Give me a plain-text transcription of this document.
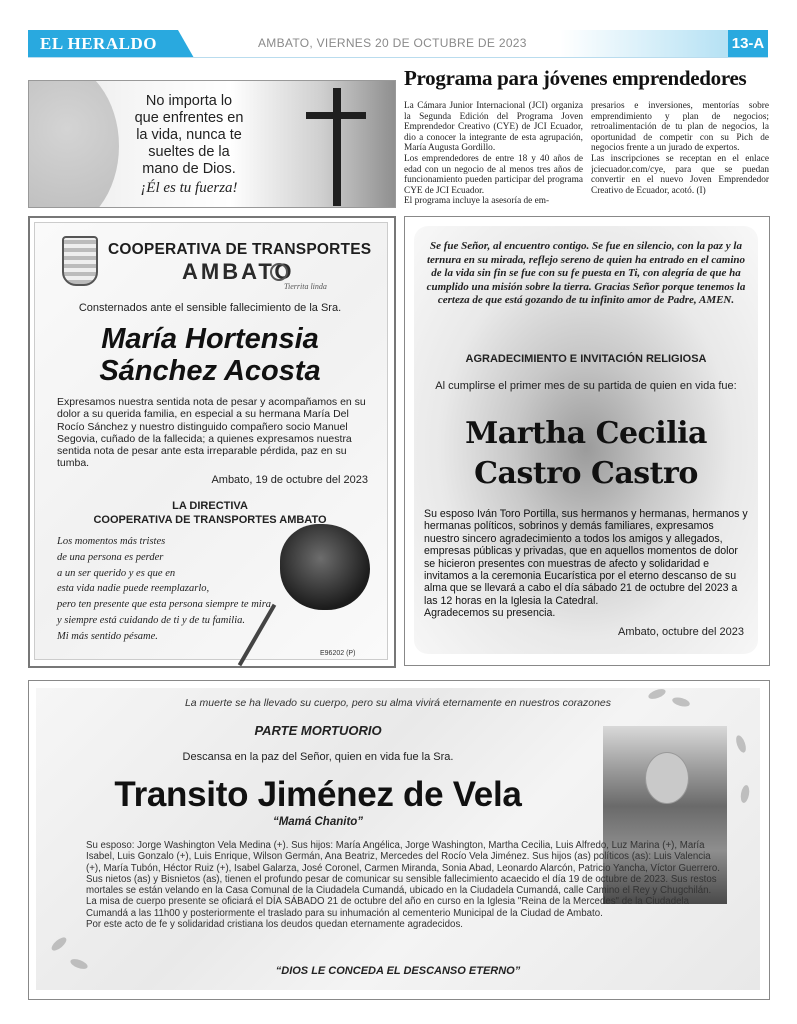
EL HERALDO	AMBATO, VIERNES 20 DE OCTUBRE DE 2023	13-A
No importa lo
que enfrentes en
la vida, nunca te
sueltes de la
mano de Dios.
¡Él es tu fuerza!
Programa para jóvenes emprendedores

La Cámara Junior Internacional (JCI) organiza la Segunda Edición del Programa Joven Emprendedor Creativo (CYE) de JCI Ecuador, dio a conocer la integrante de esta agrupación, María Augusta Gordillo.

Los emprendedores de entre 18 y 40 años de edad con un negocio de al menos tres años de funcionamiento pueden participar del programa CYE de JCI Ecuador.

El programa incluye la asesoría de em-

presarios e inversiones, mentorías sobre emprendimiento y plan de negocios; retroalimentación de tu plan de negocios, la oportunidad de competir con su Pich de negocios frente a un jurado de expertos.

Las inscripciones se receptan en el enlace jciecuador.com/cye, para que se puedan convertir en el nuevo Joven Emprendedor Creativo de Ecuador, acotó. (I)

COOPERATIVA DE TRANSPORTES
AMBATO
Tierrita linda
Consternados ante el sensible fallecimiento de la Sra.
María Hortensia
Sánchez Acosta
Expresamos nuestra sentida nota de pesar y acompañamos en su dolor a su querida familia, en especial a su hermana María Del Rocío Sánchez y nuestro distinguido compañero socio Manuel Segovia, cuñado de la fallecida; a quienes expresamos nuestra sentida nota de pesar ante esta irreparable pérdida, paz en su tumba.
Ambato, 19 de octubre del 2023
LA DIRECTIVA
COOPERATIVA DE TRANSPORTES AMBATO
Los momentos más tristes
de una persona es perder
a un ser querido y es que en
esta vida nadie puede reemplazarlo,
pero ten presente que esta persona siempre te mira
y siempre está cuidando de ti y de tu familia.
Mi más sentido pésame.
E96202 (P)
Se fue Señor, al encuentro contigo. Se fue en silencio, con la paz y la ternura en su mirada, reflejo sereno de quien ha entrado en el camino de la vida sin fin se fue con su fe puesta en Ti, con alegría de que ha cumplido una misión sobre la tierra. Gracias Señor porque tenemos la certeza de que está gozando de tu infinito amor de Padre, AMEN.
AGRADECIMIENTO E INVITACIÓN RELIGIOSA
Al cumplirse el primer mes de su partida de quien en vida fue:
Martha Cecilia
Castro Castro
Su esposo Iván Toro Portilla, sus hermanos y hermanas, hermanos y hermanas políticos, sobrinos y demás familiares, expresamos nuestro sincero agradecimiento a todos los amigos y allegados, empresas públicas y privadas, que en aquellos momentos de dolor se hicieron presentes con muestras de afecto y solidaridad e invitamos a la ceremonia Eucarística por el eterno descanso de su alma que se llevará a cabo el día sábado 21 de octubre del 2023 a las 12 horas en la Iglesia la Catedral.
Agradecemos su presencia.
Ambato, octubre del 2023
La muerte se ha llevado su cuerpo, pero su alma vivirá eternamente en nuestros corazones
PARTE MORTUORIO
Descansa en la paz del Señor, quien en vida fue la Sra.
Transito Jiménez de Vela
“Mamá Chanito”

Su esposo: Jorge Washington Vela Medina (+). Sus hijos: María Angélica, Jorge Washington, Martha Cecilia, Luis Alfredo, Luz Marina (+), María Isabel, Luis Gonzalo (+), Luis Enrique, Wilson Germán, Ana Beatriz, Mercedes del Rocío Vela Jiménez. Sus hijos (as) políticos (as): Luis Valencia (+), María Tubón, Héctor Ruiz (+), Isabel Galarza, José Coronel, Carmen Miranda, Sonia Abad, Leonardo Alarcón, Patricio Yancha, Víctor Guerrero. Sus nietos (as) y Bisnietos (as), tienen el profundo pesar de comunicar su sensible fallecimiento acaecido el día 19 de octubre de 2023. Sus restos mortales se están velando en la Casa Comunal de la Ciudadela Cumandá, ubicado en la Ciudadela Cumandá, calle Camino el Rey y Chugchilán.

La misa de cuerpo presente se oficiará el DÍA SÁBADO 21 de octubre del año en curso en la Iglesia "Reina de la Mercedes" de la Ciudadela Cumandá a las 11h00 y posteriormente el traslado para su inhumación al cementerio Municipal de la Ciudad de Ambato.

Por este acto de fe y solidaridad cristiana los deudos quedan eternamente agradecidos.

“DIOS LE CONCEDA EL DESCANSO ETERNO”
